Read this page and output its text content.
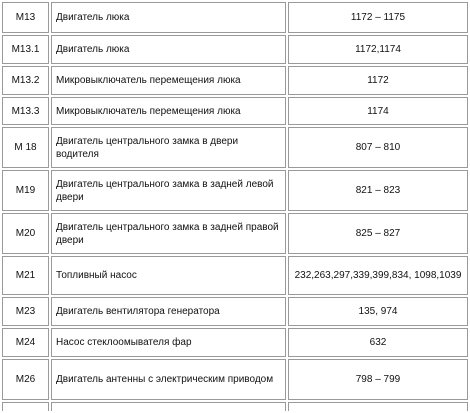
M13	Двигатель люка	1172 – 1175
M13.1	Двигатель люка	1172,1174
M13.2	Микровыключатель перемещения люка	1172
M13.3	Микровыключатель перемещения люка	1174
M 18	Двигатель центрального замка в двери водителя	807 – 810
M19	Двигатель центрального замка в задней левой двери	821 – 823
M20	Двигатель центрального замка в задней правой двери	825 – 827
M21	Топливный насос	232,263,297,339,399,834, 1098,1039
M23	Двигатель вентилятора генератора	135, 974
M24	Насос стеклоомывателя фар	632
M26	Двигатель антенны с электрическим приводом	798 – 799
